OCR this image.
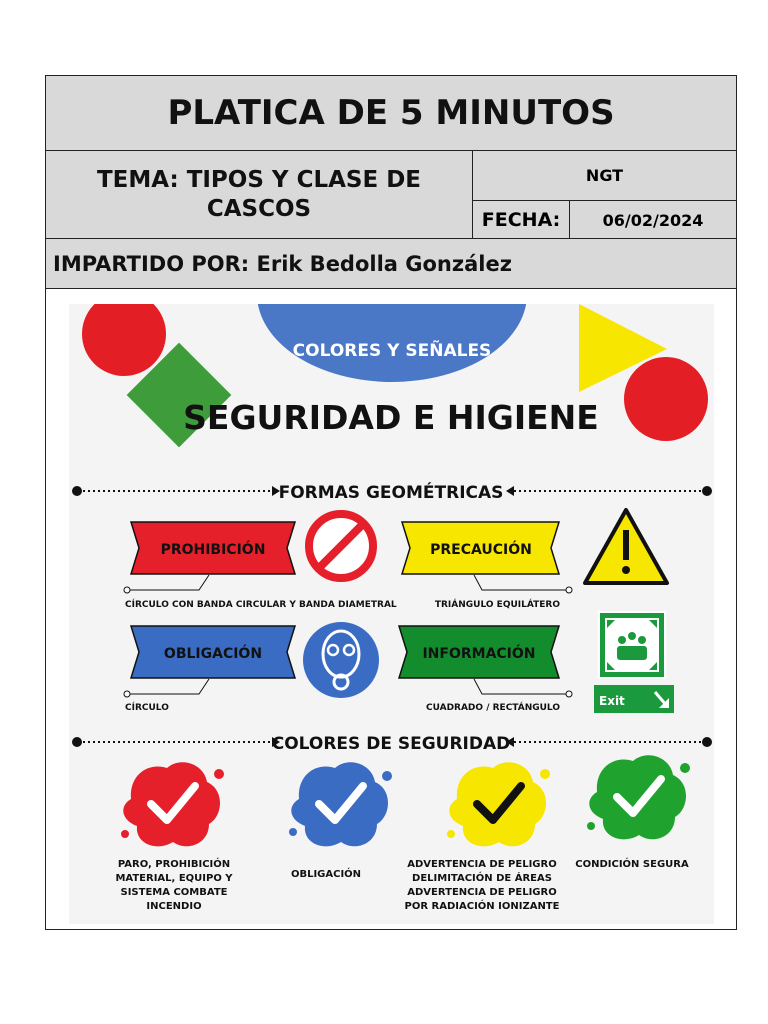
PLATICA DE 5 MINUTOS
TEMA: TIPOS Y CLASE DE CASCOS
NGT
FECHA:	06/02/2024
IMPARTIDO POR: Erik Bedolla González
COLORES Y SEÑALES
SEGURIDAD E HIGIENE
FORMAS GEOMÉTRICAS
PROHIBICIÓN	PRECAUCIÓN
OBLIGACIÓN	INFORMACIÓN
CÍRCULO CON BANDA CIRCULAR Y BANDA DIAMETRAL	TRIÁNGULO EQUILÁTERO
CÍRCULO	CUADRADO / RECTÁNGULO	Exit
COLORES DE SEGURIDAD
PARO, PROHIBICIÓN
MATERIAL, EQUIPO Y
SISTEMA COMBATE
INCENDIO
OBLIGACIÓN
ADVERTENCIA DE PELIGRO
DELIMITACIÓN DE ÁREAS
ADVERTENCIA DE PELIGRO
POR RADIACIÓN IONIZANTE
CONDICIÓN SEGURA
